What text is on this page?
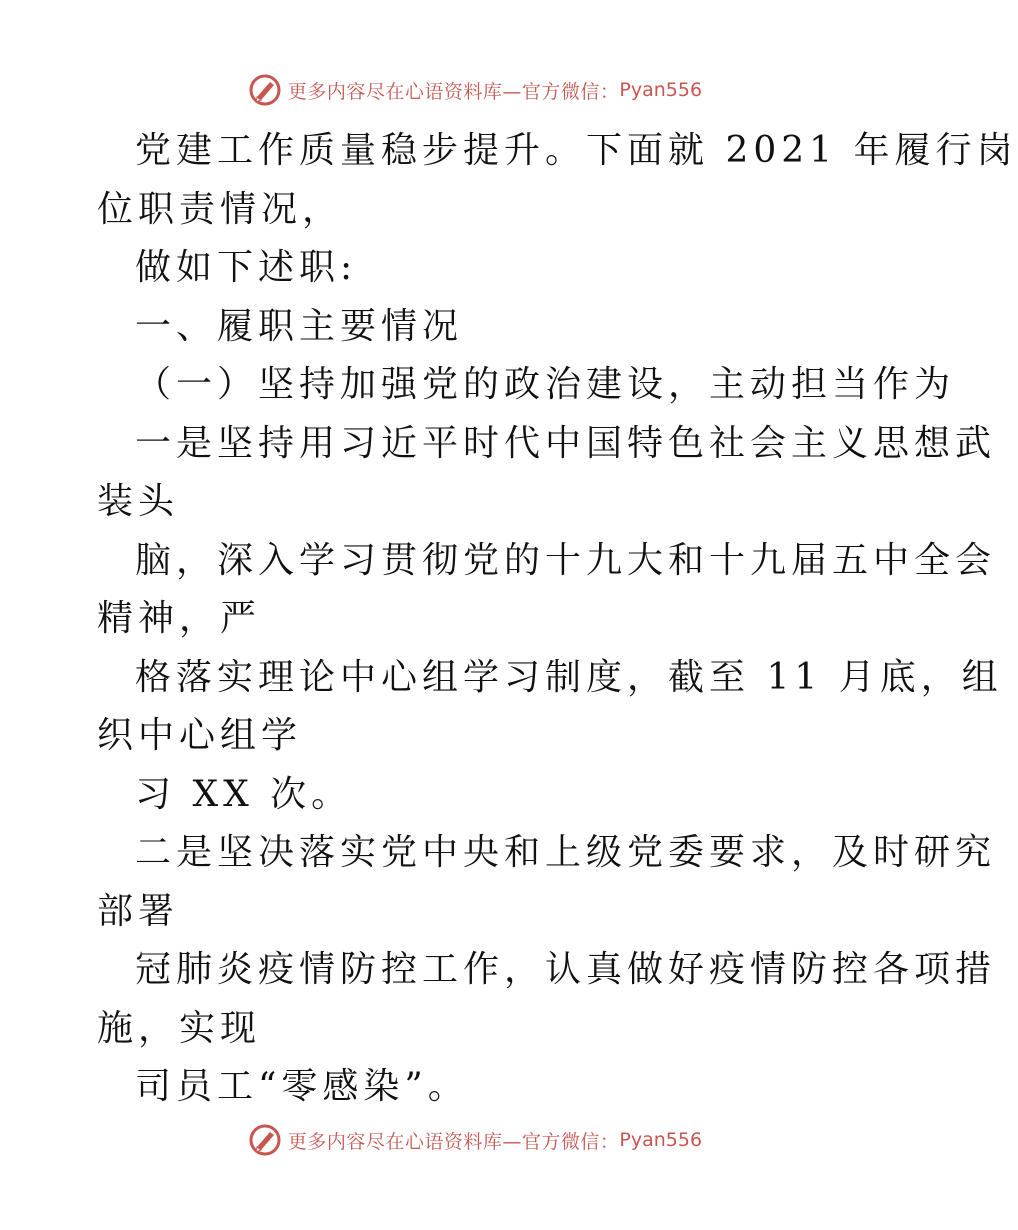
更多内容尽在心语资料库—官方微信： Pyan556
党建工作质量稳步提升。下面就 2021 年履行岗
位职责情况，
做如下述职:
一、履职主要情况
（一）坚持加强党的政治建设，主动担当作为
一是坚持用习近平时代中国特色社会主义思想武
装头
脑，深入学习贯彻党的十九大和十九届五中全会
精神，严
格落实理论中心组学习制度，截至 11 月底，组
织中心组学
习 XX 次。
二是坚决落实党中央和上级党委要求，及时研究
部署
冠肺炎疫情防控工作，认真做好疫情防控各项措
施，实现
司员工“零感染”。
更多内容尽在心语资料库—官方微信： Pyan556
